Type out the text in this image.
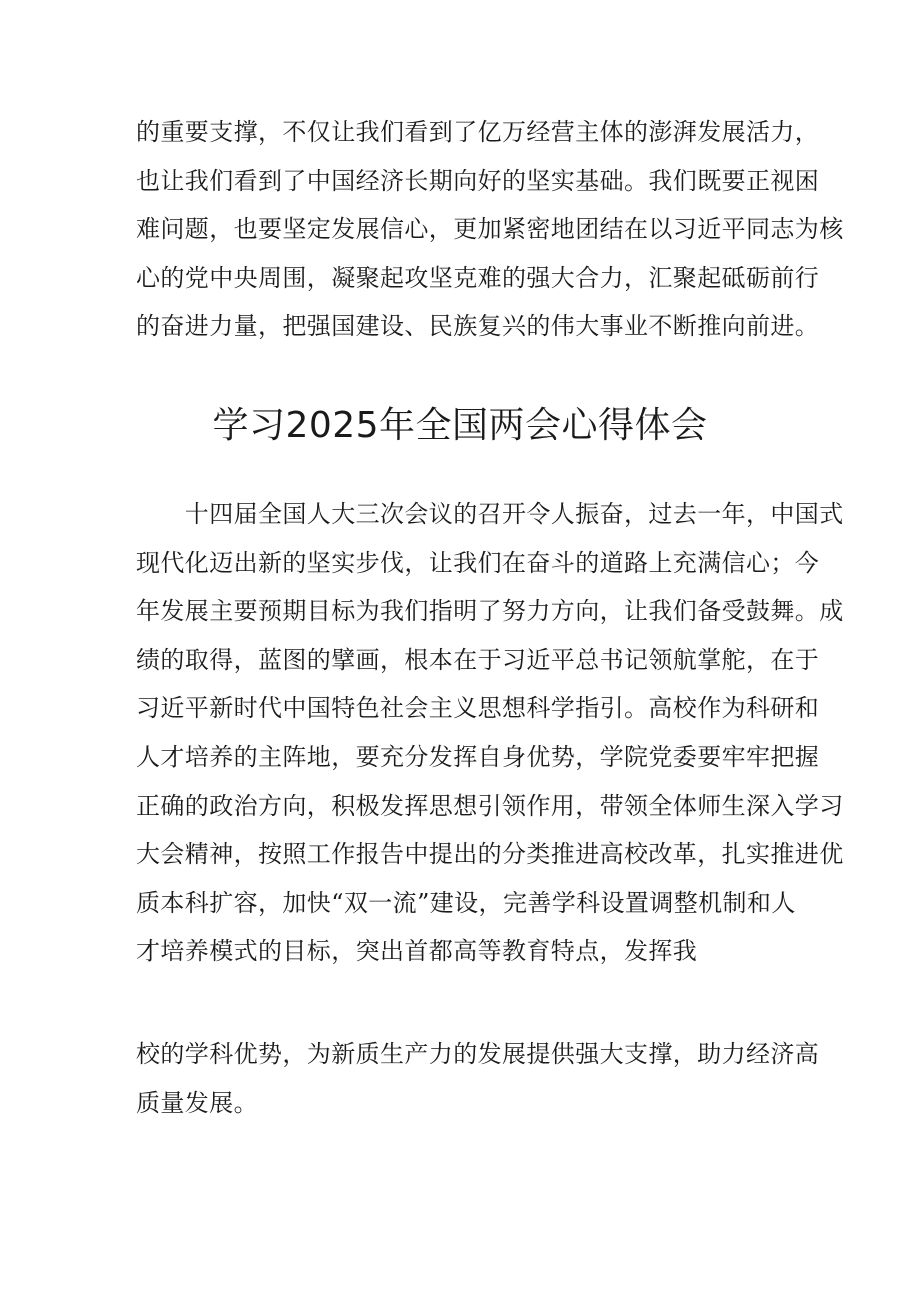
的重要支撑，不仅让我们看到了亿万经营主体的澎湃发展活力，
也让我们看到了中国经济长期向好的坚实基础。我们既要正视困
难问题，也要坚定发展信心，更加紧密地团结在以习近平同志为核
心的党中央周围，凝聚起攻坚克难的强大合力，汇聚起砥砺前行
的奋进力量，把强国建设、民族复兴的伟大事业不断推向前进。

学习2025年全国两会心得体会

　　十四届全国人大三次会议的召开令人振奋，过去一年，中国式
现代化迈出新的坚实步伐，让我们在奋斗的道路上充满信心；今
年发展主要预期目标为我们指明了努力方向，让我们备受鼓舞。成
绩的取得，蓝图的擘画，根本在于习近平总书记领航掌舵，在于
习近平新时代中国特色社会主义思想科学指引。高校作为科研和
人才培养的主阵地，要充分发挥自身优势，学院党委要牢牢把握
正确的政治方向，积极发挥思想引领作用，带领全体师生深入学习
大会精神，按照工作报告中提出的分类推进高校改革，扎实推进优
质本科扩容，加快“双一流”建设，完善学科设置调整机制和人
才培养模式的目标，突出首都高等教育特点，发挥我

校的学科优势，为新质生产力的发展提供强大支撑，助力经济高
质量发展。
